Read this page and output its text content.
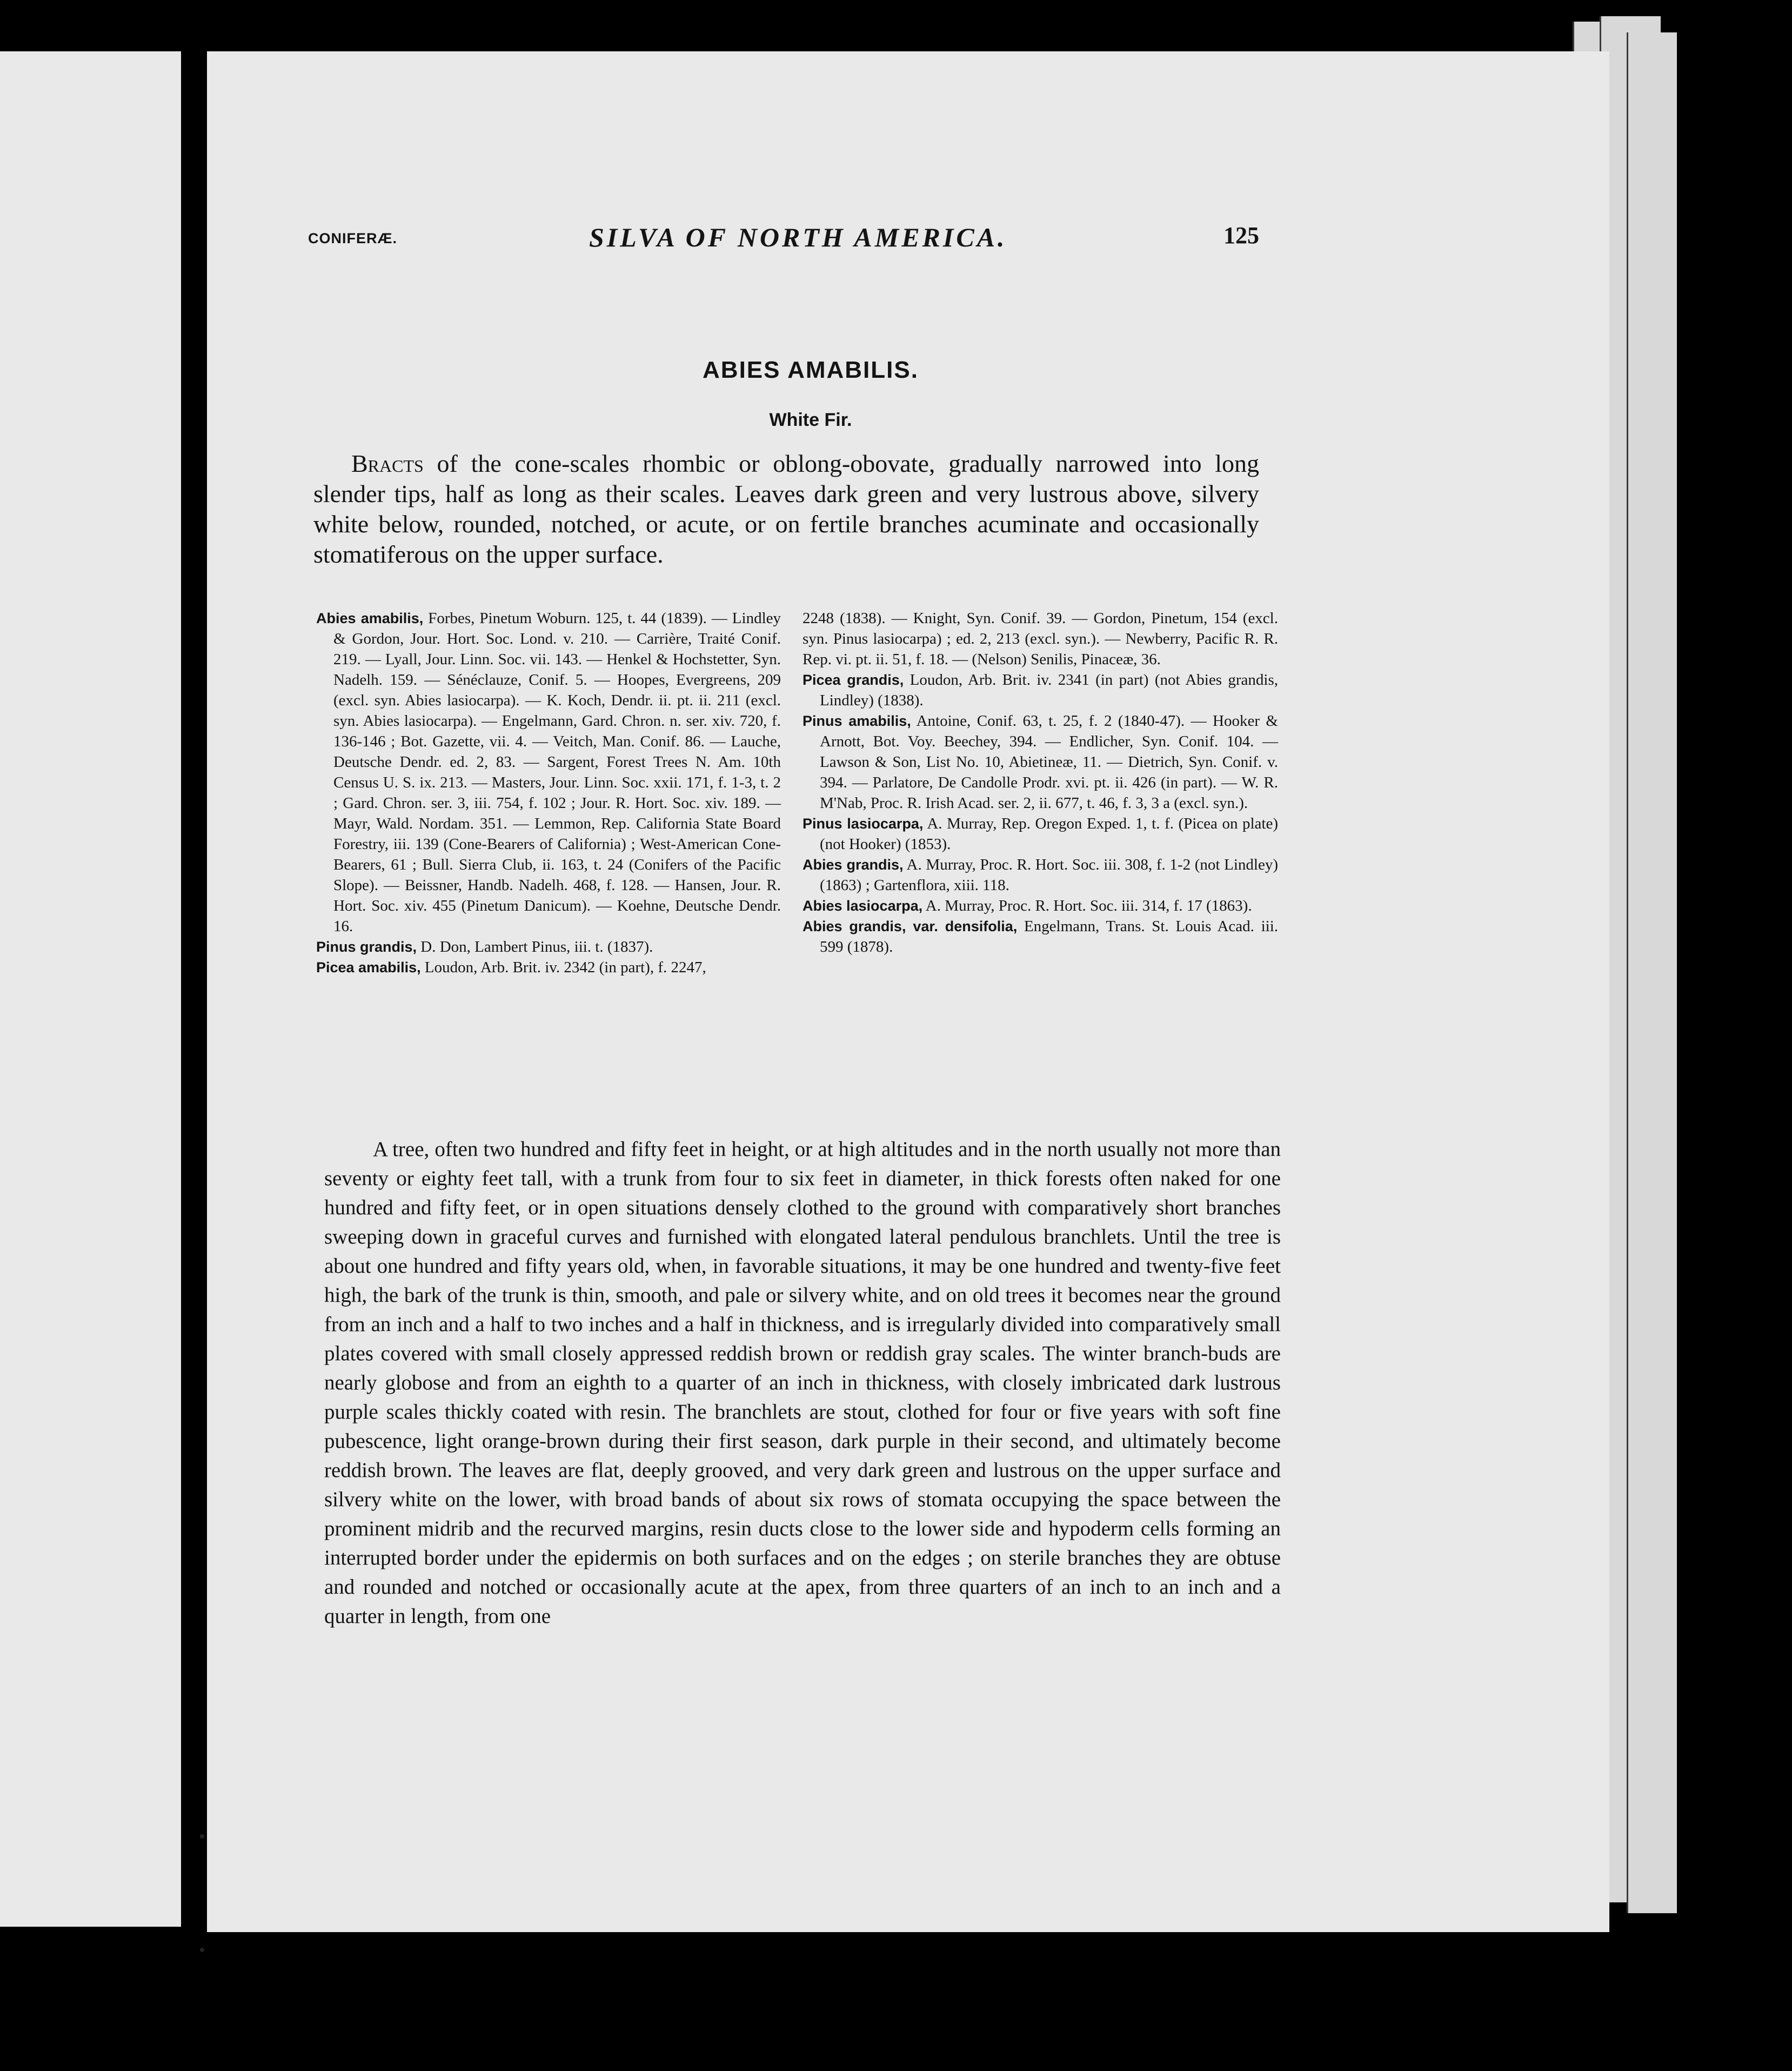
•
•
CONIFERÆ.	SILVA OF NORTH AMERICA.	125
ABIES AMABILIS.
White Fir.

Bracts of the cone-scales rhombic or oblong-obovate, gradually narrowed into long slender tips, half as long as their scales. Leaves dark green and very lustrous above, silvery white below, rounded, notched, or acute, or on fertile branches acuminate and occasionally stomatiferous on the upper surface.

Abies amabilis, Forbes, Pinetum Woburn. 125, t. 44 (1839). — Lindley & Gordon, Jour. Hort. Soc. Lond. v. 210. — Carrière, Traité Conif. 219. — Lyall, Jour. Linn. Soc. vii. 143. — Henkel & Hochstetter, Syn. Nadelh. 159. — Sénéclauze, Conif. 5. — Hoopes, Evergreens, 209 (excl. syn. Abies lasiocarpa). — K. Koch, Dendr. ii. pt. ii. 211 (excl. syn. Abies lasiocarpa). — Engelmann, Gard. Chron. n. ser. xiv. 720, f. 136-146 ; Bot. Gazette, vii. 4. — Veitch, Man. Conif. 86. — Lauche, Deutsche Dendr. ed. 2, 83. — Sargent, Forest Trees N. Am. 10th Census U. S. ix. 213. — Masters, Jour. Linn. Soc. xxii. 171, f. 1-3, t. 2 ; Gard. Chron. ser. 3, iii. 754, f. 102 ; Jour. R. Hort. Soc. xiv. 189. — Mayr, Wald. Nordam. 351. — Lemmon, Rep. California State Board Forestry, iii. 139 (Cone-Bearers of California) ; West-American Cone-Bearers, 61 ; Bull. Sierra Club, ii. 163, t. 24 (Conifers of the Pacific Slope). — Beissner, Handb. Nadelh. 468, f. 128. — Hansen, Jour. R. Hort. Soc. xiv. 455 (Pinetum Danicum). — Koehne, Deutsche Dendr. 16.

Pinus grandis, D. Don, Lambert Pinus, iii. t. (1837).

Picea amabilis, Loudon, Arb. Brit. iv. 2342 (in part), f. 2247,

2248 (1838). — Knight, Syn. Conif. 39. — Gordon, Pinetum, 154 (excl. syn. Pinus lasiocarpa) ; ed. 2, 213 (excl. syn.). — Newberry, Pacific R. R. Rep. vi. pt. ii. 51, f. 18. — (Nelson) Senilis, Pinaceæ, 36.

Picea grandis, Loudon, Arb. Brit. iv. 2341 (in part) (not Abies grandis, Lindley) (1838).

Pinus amabilis, Antoine, Conif. 63, t. 25, f. 2 (1840-47). — Hooker & Arnott, Bot. Voy. Beechey, 394. — Endlicher, Syn. Conif. 104. — Lawson & Son, List No. 10, Abietineæ, 11. — Dietrich, Syn. Conif. v. 394. — Parlatore, De Candolle Prodr. xvi. pt. ii. 426 (in part). — W. R. M'Nab, Proc. R. Irish Acad. ser. 2, ii. 677, t. 46, f. 3, 3 a (excl. syn.).

Pinus lasiocarpa, A. Murray, Rep. Oregon Exped. 1, t. f. (Picea on plate) (not Hooker) (1853).

Abies grandis, A. Murray, Proc. R. Hort. Soc. iii. 308, f. 1-2 (not Lindley) (1863) ; Gartenflora, xiii. 118.

Abies lasiocarpa, A. Murray, Proc. R. Hort. Soc. iii. 314, f. 17 (1863).

Abies grandis, var. densifolia, Engelmann, Trans. St. Louis Acad. iii. 599 (1878).

A tree, often two hundred and fifty feet in height, or at high altitudes and in the north usually not more than seventy or eighty feet tall, with a trunk from four to six feet in diameter, in thick forests often naked for one hundred and fifty feet, or in open situations densely clothed to the ground with comparatively short branches sweeping down in graceful curves and furnished with elongated lateral pendulous branchlets. Until the tree is about one hundred and fifty years old, when, in favorable situations, it may be one hundred and twenty-five feet high, the bark of the trunk is thin, smooth, and pale or silvery white, and on old trees it becomes near the ground from an inch and a half to two inches and a half in thickness, and is irregularly divided into comparatively small plates covered with small closely appressed reddish brown or reddish gray scales. The winter branch-buds are nearly globose and from an eighth to a quarter of an inch in thickness, with closely imbricated dark lustrous purple scales thickly coated with resin. The branchlets are stout, clothed for four or five years with soft fine pubescence, light orange-brown during their first season, dark purple in their second, and ultimately become reddish brown. The leaves are flat, deeply grooved, and very dark green and lustrous on the upper surface and silvery white on the lower, with broad bands of about six rows of stomata occupying the space between the prominent midrib and the recurved margins, resin ducts close to the lower side and hypoderm cells forming an interrupted border under the epidermis on both surfaces and on the edges ; on sterile branches they are obtuse and rounded and notched or occasionally acute at the apex, from three quarters of an inch to an inch and a quarter in length, from one
